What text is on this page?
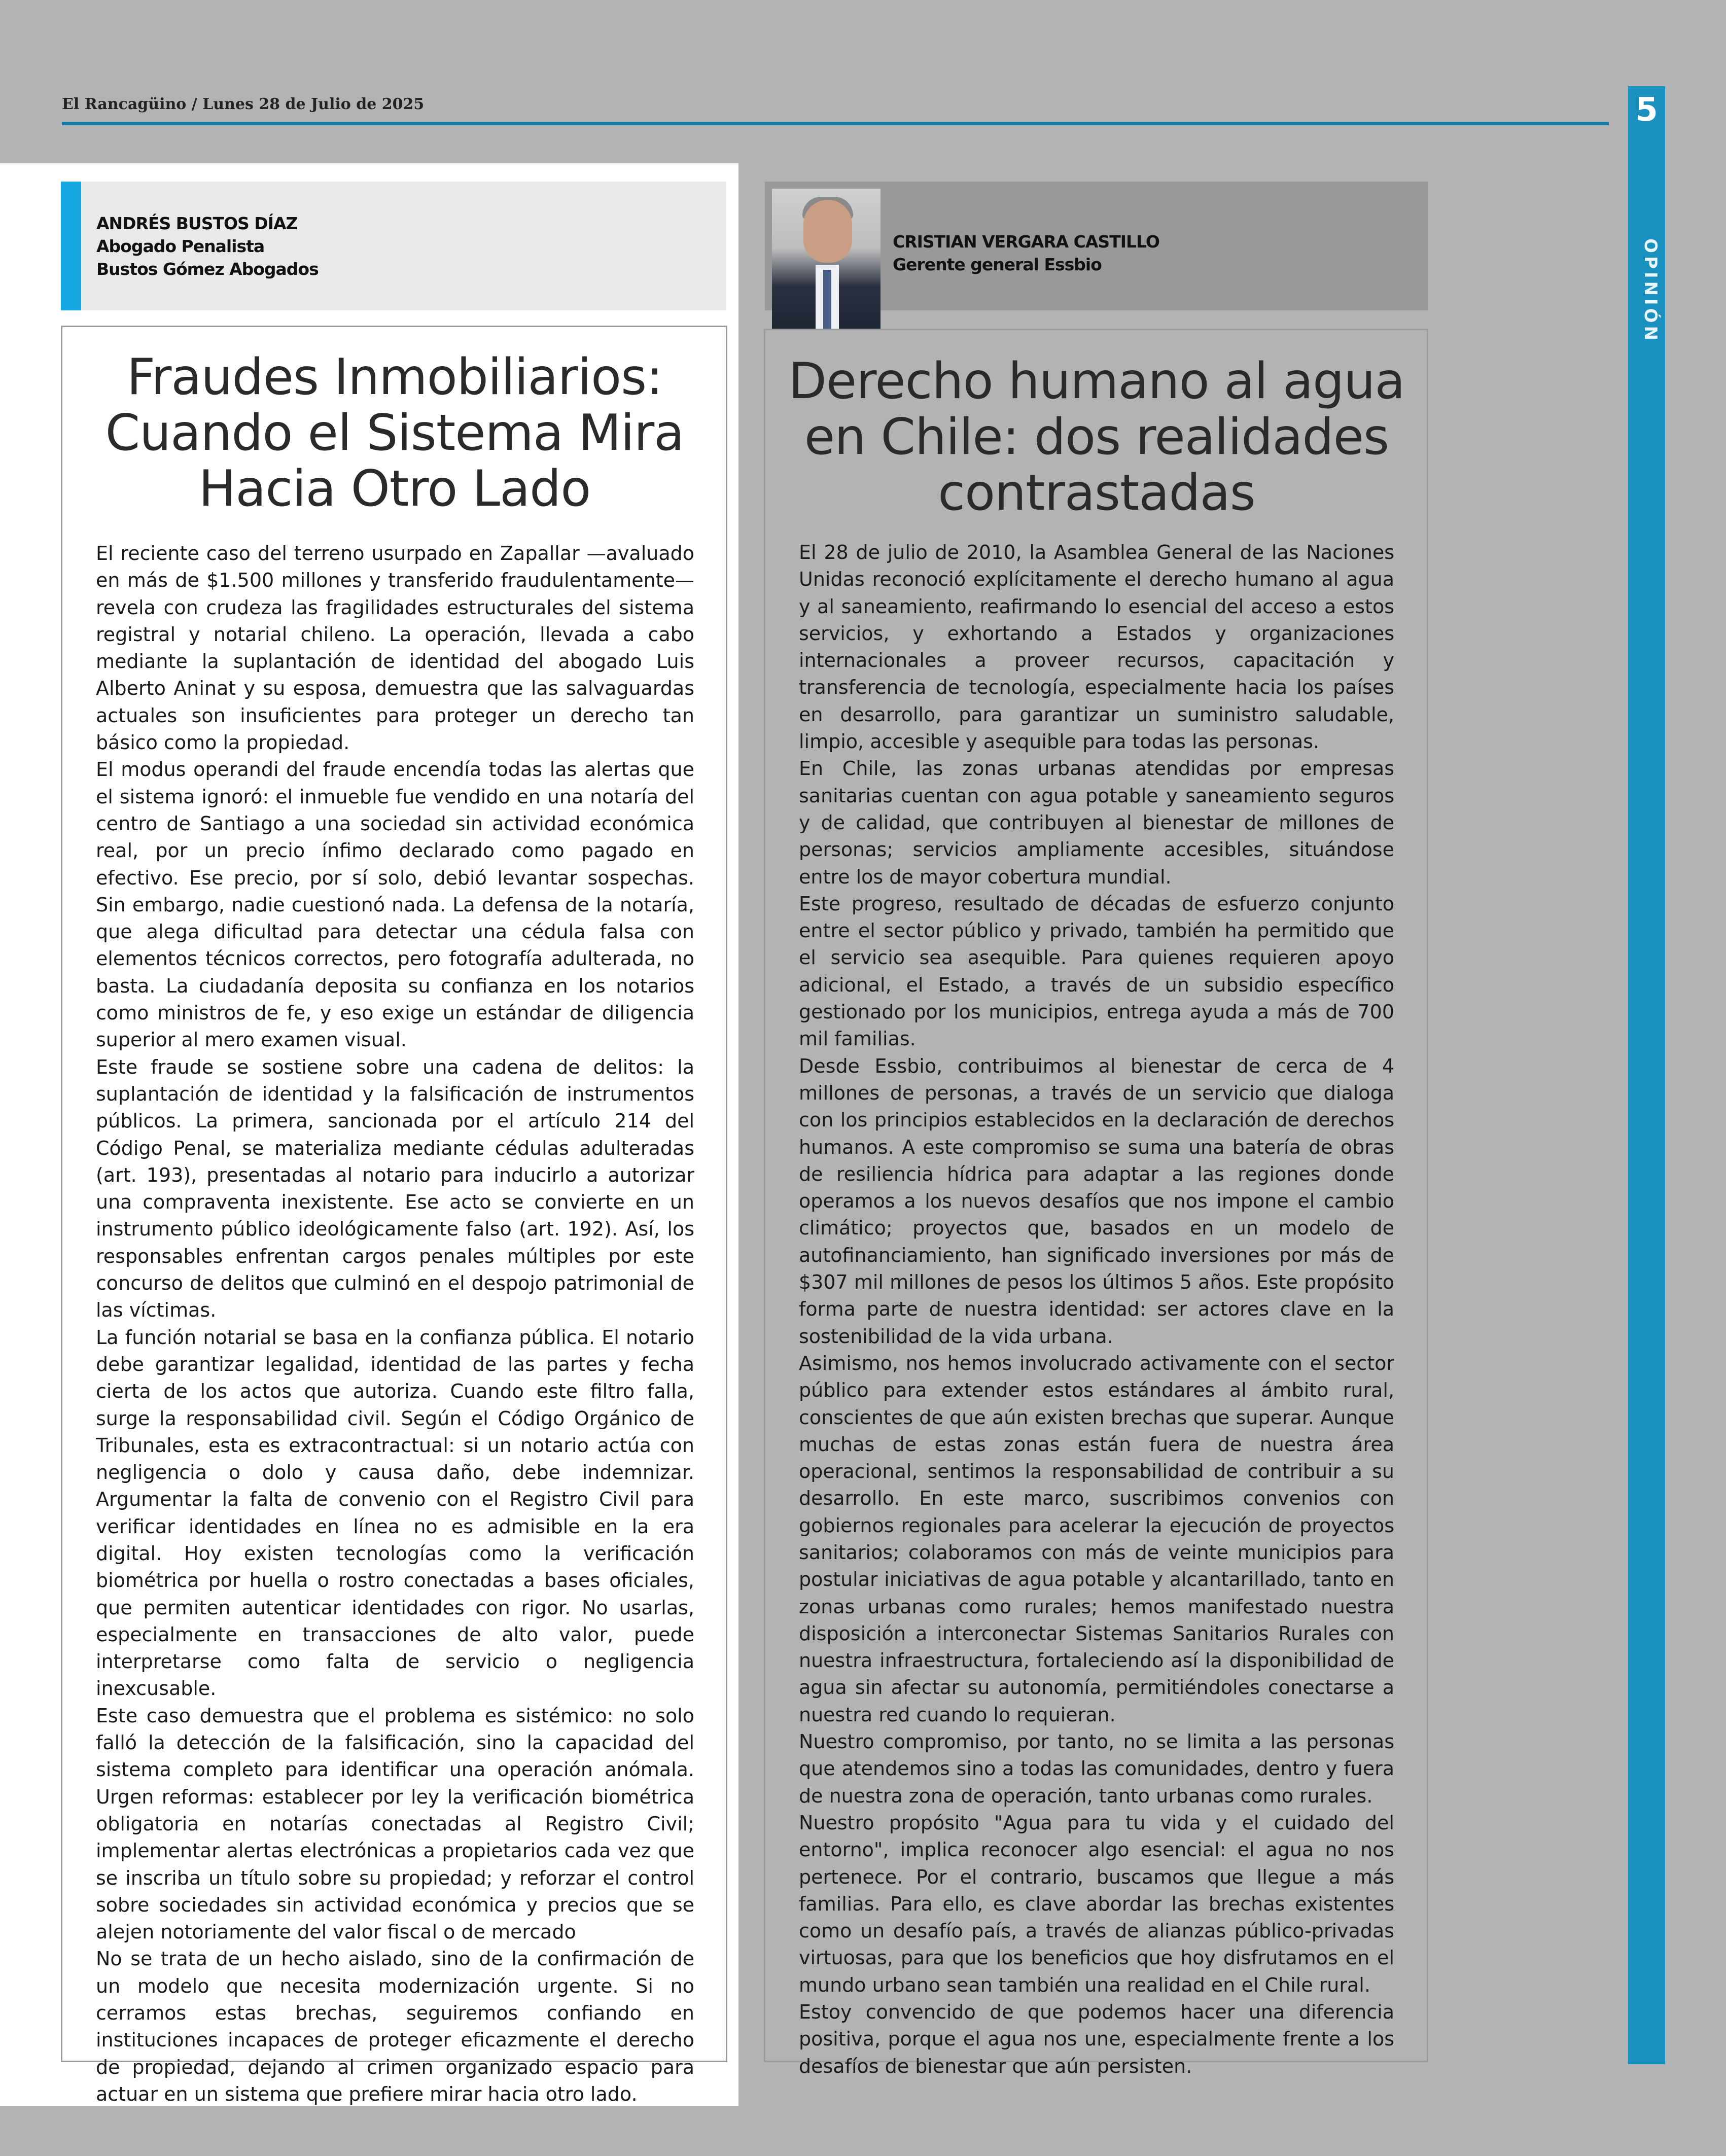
El Rancagüino / Lunes 28 de Julio de 2025	5
OPINIÓN
ANDRÉS BUSTOS DÍAZ
Abogado Penalista
Bustos Gómez Abogados
CRISTIAN VERGARA CASTILLO
Gerente general Essbio
Fraudes Inmobiliarios: Cuando el Sistema Mira Hacia Otro Lado

El reciente caso del terreno usurpado en Zapallar —avaluado en más de $1.500 millones y transferido fraudulentamente— revela con crudeza las fragilidades estructurales del sistema registral y notarial chileno. La operación, llevada a cabo mediante la suplantación de identidad del abogado Luis Alberto Aninat y su esposa, demuestra que las salvaguardas actuales son insuficientes para proteger un derecho tan básico como la propiedad.

El modus operandi del fraude encendía todas las alertas que el sistema ignoró: el inmueble fue vendido en una notaría del centro de Santiago a una sociedad sin actividad económica real, por un precio ínfimo declarado como pagado en efectivo. Ese precio, por sí solo, debió levantar sospechas. Sin embargo, nadie cuestionó nada. La defensa de la notaría, que alega dificultad para detectar una cédula falsa con elementos técnicos correctos, pero fotografía adulterada, no basta. La ciudadanía deposita su confianza en los notarios como ministros de fe, y eso exige un estándar de diligencia superior al mero examen visual.

Este fraude se sostiene sobre una cadena de delitos: la suplantación de identidad y la falsificación de instrumentos públicos. La primera, sancionada por el artículo 214 del Código Penal, se materializa mediante cédulas adulteradas (art. 193), presentadas al notario para inducirlo a autorizar una compraventa inexistente. Ese acto se convierte en un instrumento público ideológicamente falso (art. 192). Así, los responsables enfrentan cargos penales múltiples por este concurso de delitos que culminó en el despojo patrimonial de las víctimas.

La función notarial se basa en la confianza pública. El notario debe garantizar legalidad, identidad de las partes y fecha cierta de los actos que autoriza. Cuando este filtro falla, surge la responsabilidad civil. Según el Código Orgánico de Tribunales, esta es extracontractual: si un notario actúa con negligencia o dolo y causa daño, debe indemnizar. Argumentar la falta de convenio con el Registro Civil para verificar identidades en línea no es admisible en la era digital. Hoy existen tecnologías como la verificación biométrica por huella o rostro conectadas a bases oficiales, que permiten autenticar identidades con rigor. No usarlas, especialmente en transacciones de alto valor, puede interpretarse como falta de servicio o negligencia inexcusable.

Este caso demuestra que el problema es sistémico: no solo falló la detección de la falsificación, sino la capacidad del sistema completo para identificar una operación anómala. Urgen reformas: establecer por ley la verificación biométrica obligatoria en notarías conectadas al Registro Civil; implementar alertas electrónicas a propietarios cada vez que se inscriba un título sobre su propiedad; y reforzar el control sobre sociedades sin actividad económica y precios que se alejen notoriamente del valor fiscal o de mercado

No se trata de un hecho aislado, sino de la confirmación de un modelo que necesita modernización urgente. Si no cerramos estas brechas, seguiremos confiando en instituciones incapaces de proteger eficazmente el derecho de propiedad, dejando al crimen organizado espacio para actuar en un sistema que prefiere mirar hacia otro lado.

Derecho humano al agua en Chile: dos realidades contrastadas

El 28 de julio de 2010, la Asamblea General de las Naciones Unidas reconoció explícitamente el derecho humano al agua y al saneamiento, reafirmando lo esencial del acceso a estos servicios, y exhortando a Estados y organizaciones internacionales a proveer recursos, capacitación y transferencia de tecnología, especialmente hacia los países en desarrollo, para garantizar un suministro saludable, limpio, accesible y asequible para todas las personas.

En Chile, las zonas urbanas atendidas por empresas sanitarias cuentan con agua potable y saneamiento seguros y de calidad, que contribuyen al bienestar de millones de personas; servicios ampliamente accesibles, situándose entre los de mayor cobertura mundial.

Este progreso, resultado de décadas de esfuerzo conjunto entre el sector público y privado, también ha permitido que el servicio sea asequible. Para quienes requieren apoyo adicional, el Estado, a través de un subsidio específico gestionado por los municipios, entrega ayuda a más de 700 mil familias.

Desde Essbio, contribuimos al bienestar de cerca de 4 millones de personas, a través de un servicio que dialoga con los principios establecidos en la declaración de derechos humanos. A este compromiso se suma una batería de obras de resiliencia hídrica para adaptar a las regiones donde operamos a los nuevos desafíos que nos impone el cambio climático; proyectos que, basados en un modelo de autofinanciamiento, han significado inversiones por más de $307 mil millones de pesos los últimos 5 años. Este propósito forma parte de nuestra identidad: ser actores clave en la sostenibilidad de la vida urbana.

Asimismo, nos hemos involucrado activamente con el sector público para extender estos estándares al ámbito rural, conscientes de que aún existen brechas que superar. Aunque muchas de estas zonas están fuera de nuestra área operacional, sentimos la responsabilidad de contribuir a su desarrollo. En este marco, suscribimos convenios con gobiernos regionales para acelerar la ejecución de proyectos sanitarios; colaboramos con más de veinte municipios para postular iniciativas de agua potable y alcantarillado, tanto en zonas urbanas como rurales; hemos manifestado nuestra disposición a interconectar Sistemas Sanitarios Rurales con nuestra infraestructura, fortaleciendo así la disponibilidad de agua sin afectar su autonomía, permitiéndoles conectarse a nuestra red cuando lo requieran.

Nuestro compromiso, por tanto, no se limita a las personas que atendemos sino a todas las comunidades, dentro y fuera de nuestra zona de operación, tanto urbanas como rurales.

Nuestro propósito "Agua para tu vida y el cuidado del entorno", implica reconocer algo esencial: el agua no nos pertenece. Por el contrario, buscamos que llegue a más familias. Para ello, es clave abordar las brechas existentes como un desafío país, a través de alianzas público-privadas virtuosas, para que los beneficios que hoy disfrutamos en el mundo urbano sean también una realidad en el Chile rural.

Estoy convencido de que podemos hacer una diferencia positiva, porque el agua nos une, especialmente frente a los desafíos de bienestar que aún persisten.
